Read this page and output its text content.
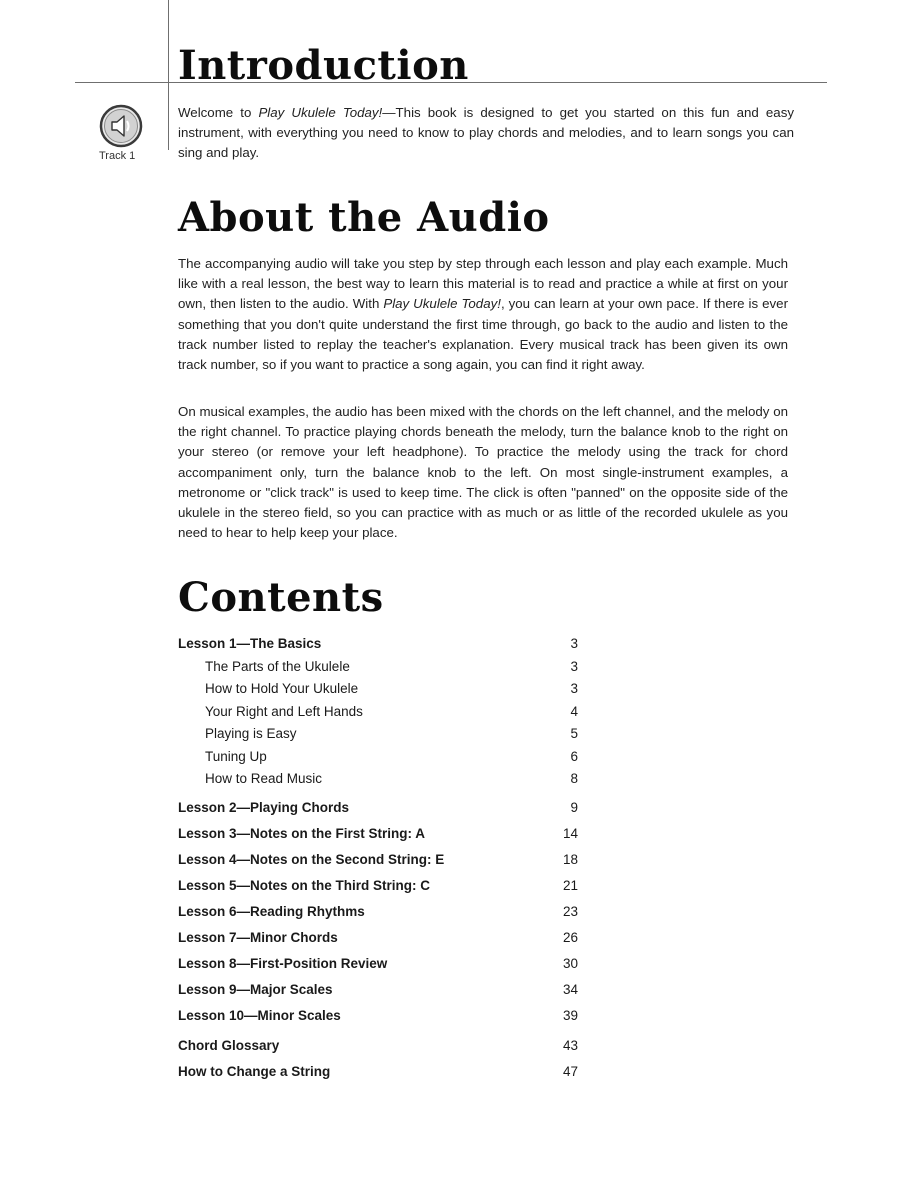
Introduction
Track 1

Welcome to Play Ukulele Today!—This book is designed to get you started on this fun and easy instrument, with everything you need to know to play chords and melodies, and to learn songs you can sing and play.

About the Audio

The accompanying audio will take you step by step through each lesson and play each example. Much like with a real lesson, the best way to learn this material is to read and practice a while at first on your own, then listen to the audio. With Play Ukulele Today!, you can learn at your own pace. If there is ever something that you don't quite understand the first time through, go back to the audio and listen to the track number listed to replay the teacher's explanation. Every musical track has been given its own track number, so if you want to practice a song again, you can find it right away.

On musical examples, the audio has been mixed with the chords on the left channel, and the melody on the right channel. To practice playing chords beneath the melody, turn the balance knob to the right on your stereo (or remove your left headphone). To practice the melody using the track for chord accompaniment only, turn the balance knob to the left. On most single-instrument examples, a metronome or "click track" is used to keep time. The click is often "panned" on the opposite side of the ukulele in the stereo field, so you can practice with as much or as little of the recorded ukulele as you need to hear to help keep your place.

Contents
Lesson 1—The Basics	3
The Parts of the Ukulele	3
How to Hold Your Ukulele	3
Your Right and Left Hands	4
Playing is Easy	5
Tuning Up	6
How to Read Music	8
Lesson 2—Playing Chords	9
Lesson 3—Notes on the First String: A	14
Lesson 4—Notes on the Second String: E	18
Lesson 5—Notes on the Third String: C	21
Lesson 6—Reading Rhythms	23
Lesson 7—Minor Chords	26
Lesson 8—First-Position Review	30
Lesson 9—Major Scales	34
Lesson 10—Minor Scales	39
Chord Glossary	43
How to Change a String	47
